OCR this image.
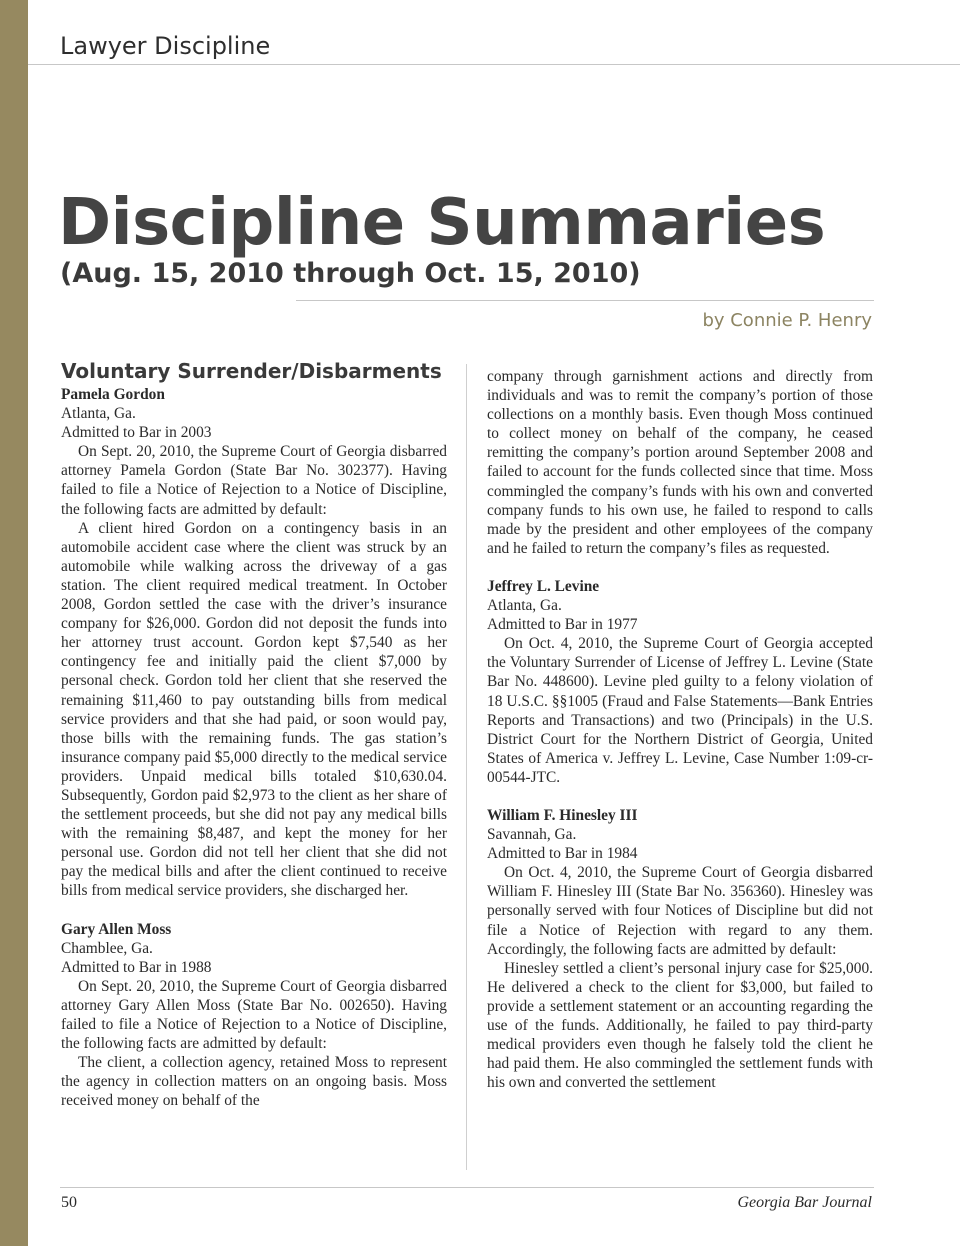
Lawyer Discipline
Discipline Summaries
(Aug. 15, 2010 through Oct. 15, 2010)
by Connie P. Henry
Voluntary Surrender/Disbarments

Pamela Gordon

Atlanta, Ga.

Admitted to Bar in 2003

On Sept. 20, 2010, the Supreme Court of Georgia disbarred attorney Pamela Gordon (State Bar No. 302377). Having failed to file a Notice of Rejection to a Notice of Discipline, the following facts are admitted by default:

A client hired Gordon on a contingency basis in an automobile accident case where the client was struck by an automobile while walking across the driveway of a gas station. The client required medical treatment. In October 2008, Gordon settled the case with the driver’s insurance company for $26,000. Gordon did not deposit the funds into her attorney trust account. Gordon kept $7,540 as her contingency fee and initially paid the client $7,000 by personal check. Gordon told her client that she reserved the remaining $11,460 to pay outstanding bills from medical service providers and that she had paid, or soon would pay, those bills with the remaining funds. The gas station’s insurance company paid $5,000 directly to the medical service providers. Unpaid medical bills totaled $10,630.04. Subsequently, Gordon paid $2,973 to the client as her share of the settlement proceeds, but she did not pay any medical bills with the remaining $8,487, and kept the money for her personal use. Gordon did not tell her client that she did not pay the medical bills and after the client continued to receive bills from medical service providers, she discharged her.

Gary Allen Moss

Chamblee, Ga.

Admitted to Bar in 1988

On Sept. 20, 2010, the Supreme Court of Georgia disbarred attorney Gary Allen Moss (State Bar No. 002650). Having failed to file a Notice of Rejection to a Notice of Discipline, the following facts are admitted by default:

The client, a collection agency, retained Moss to represent the agency in collection matters on an ongoing basis. Moss received money on behalf of the

company through garnishment actions and directly from individuals and was to remit the company’s portion of those collections on a monthly basis. Even though Moss continued to collect money on behalf of the company, he ceased remitting the company’s portion around September 2008 and failed to account for the funds collected since that time. Moss commingled the company’s funds with his own and converted company funds to his own use, he failed to respond to calls made by the president and other employees of the company and he failed to return the company’s files as requested.

Jeffrey L. Levine

Atlanta, Ga.

Admitted to Bar in 1977

On Oct. 4, 2010, the Supreme Court of Georgia accepted the Voluntary Surrender of License of Jeffrey L. Levine (State Bar No. 448600). Levine pled guilty to a felony violation of 18 U.S.C. §§1005 (Fraud and False Statements—Bank Entries Reports and Transactions) and two (Principals) in the U.S. District Court for the Northern District of Georgia, United States of America v. Jeffrey L. Levine, Case Number 1:09-cr-00544-JTC.

William F. Hinesley III

Savannah, Ga.

Admitted to Bar in 1984

On Oct. 4, 2010, the Supreme Court of Georgia disbarred William F. Hinesley III (State Bar No. 356360). Hinesley was personally served with four Notices of Discipline but did not file a Notice of Rejection with regard to any them. Accordingly, the following facts are admitted by default:

Hinesley settled a client’s personal injury case for $25,000. He delivered a check to the client for $3,000, but failed to provide a settlement statement or an accounting regarding the use of the funds. Additionally, he failed to pay third-party medical providers even though he falsely told the client he had paid them. He also commingled the settlement funds with his own and converted the settlement

50	Georgia Bar Journal
